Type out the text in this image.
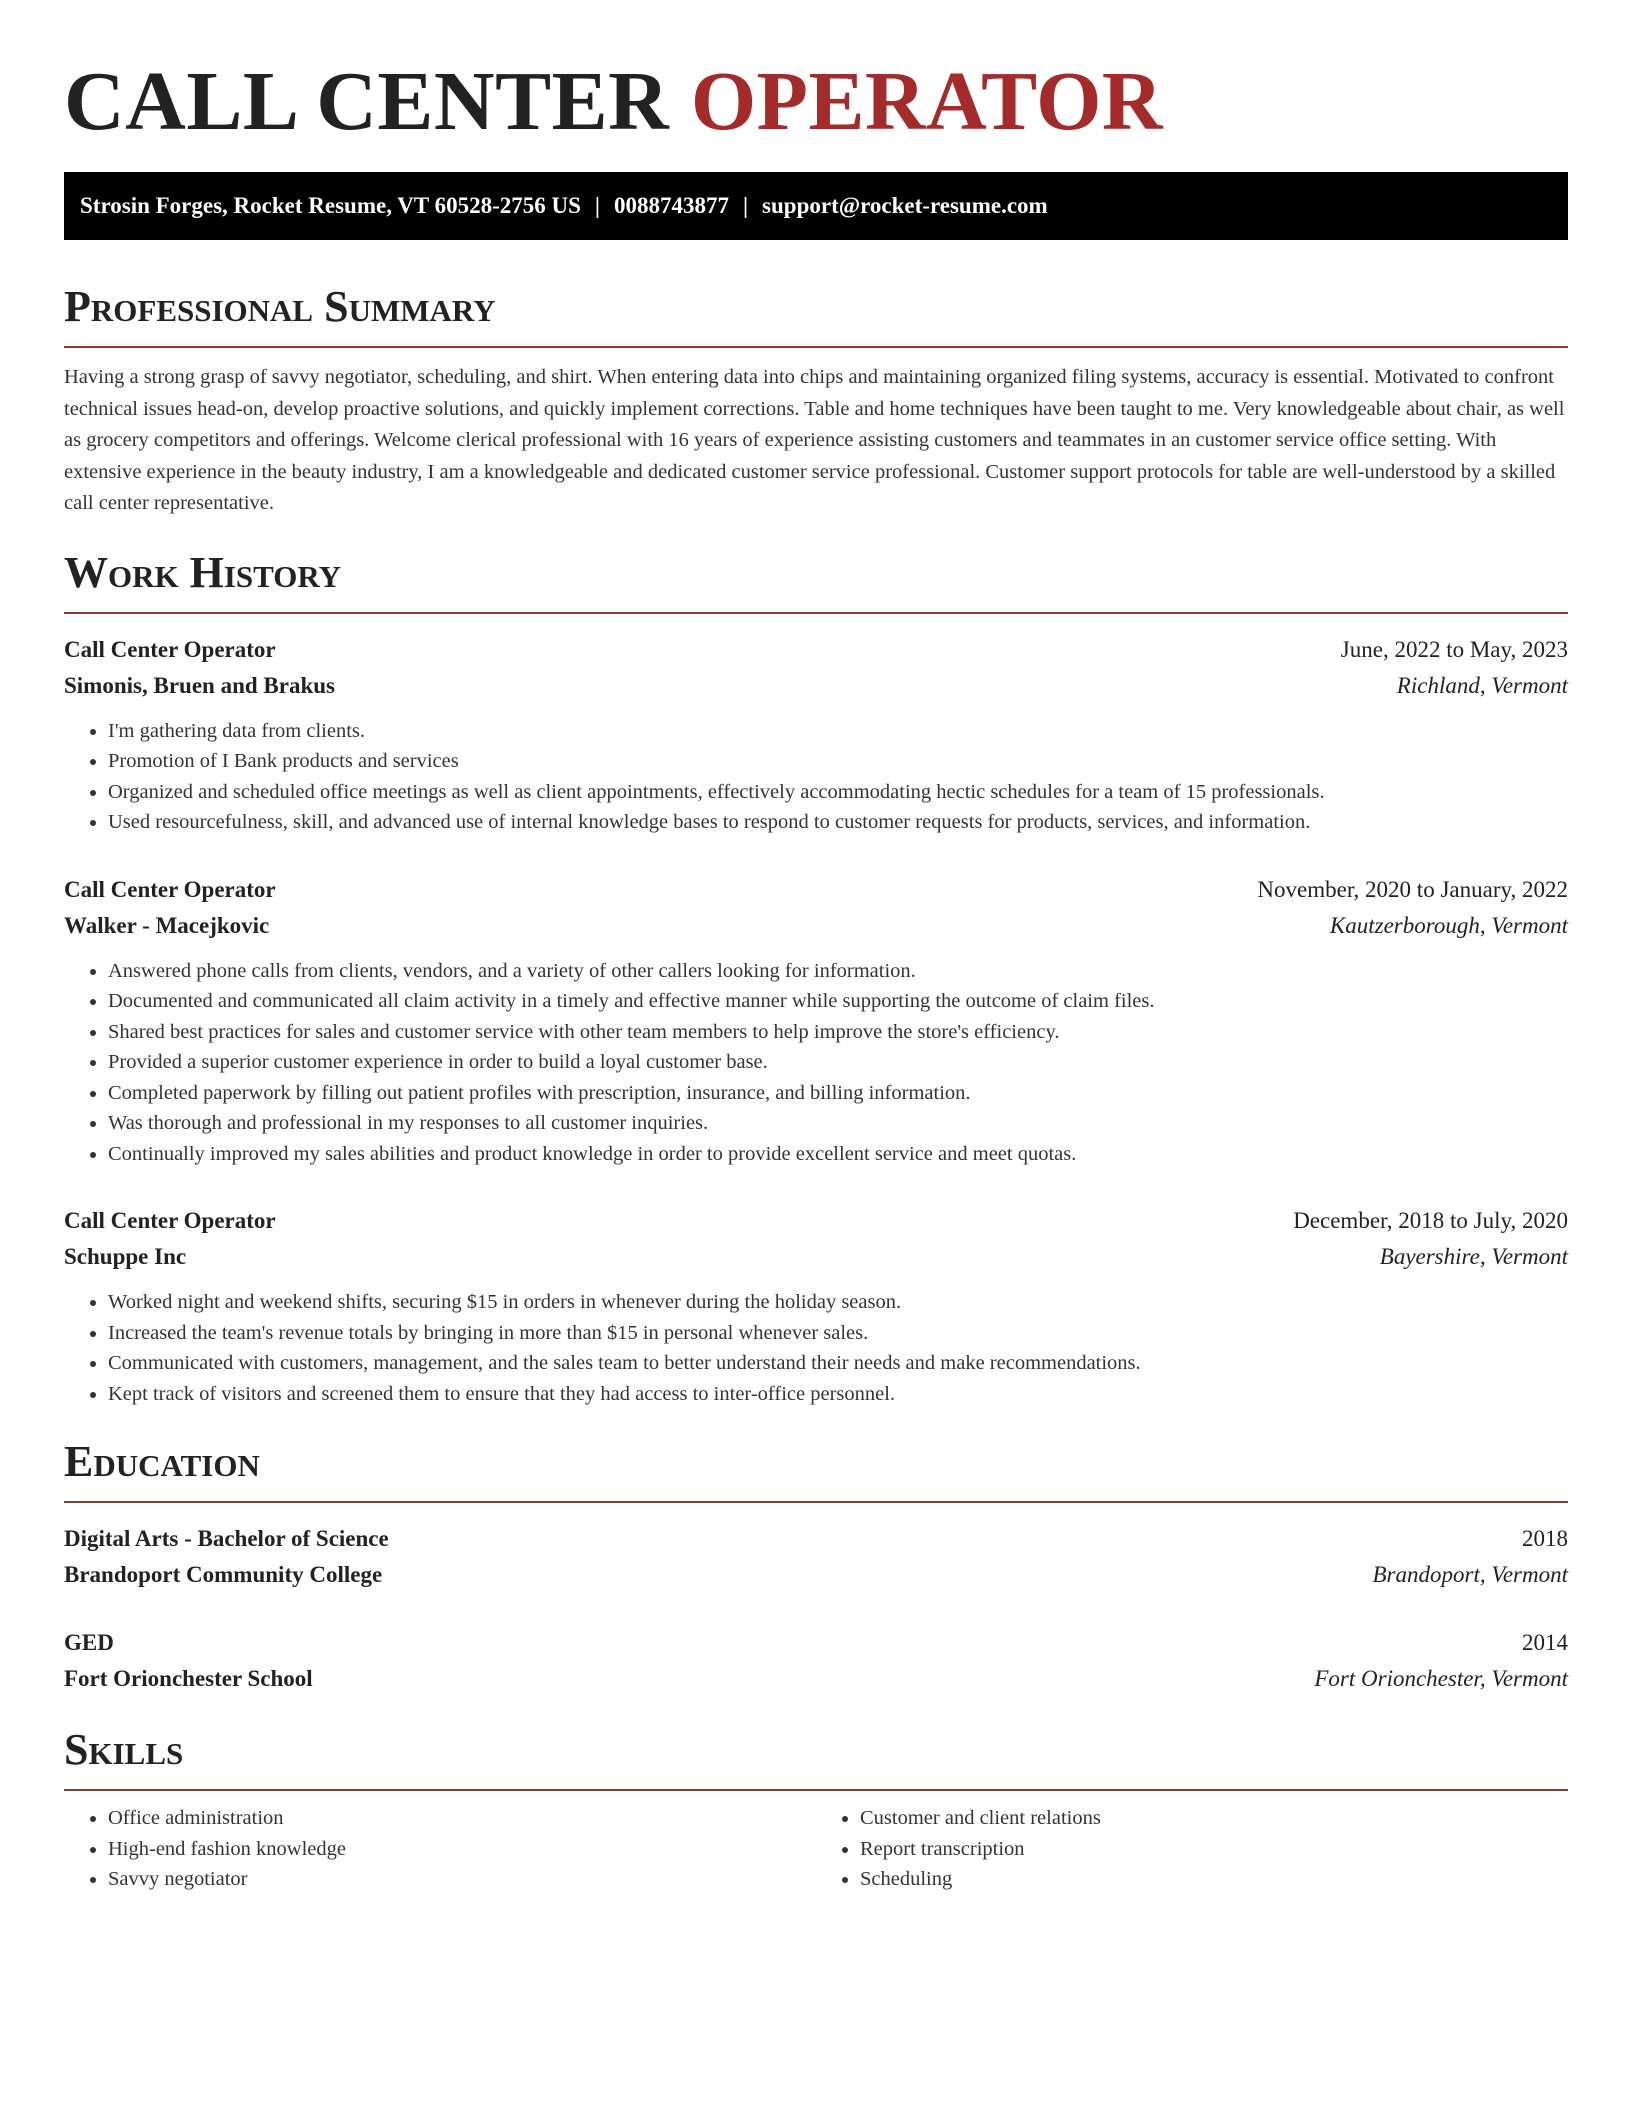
CALL CENTER OPERATOR
Strosin Forges, Rocket Resume, VT 60528-2756 US | 0088743877 | support@rocket-resume.com
Professional Summary

Having a strong grasp of savvy negotiator, scheduling, and shirt. When entering data into chips and maintaining organized filing systems, accuracy is essential. Motivated to confront technical issues head-on, develop proactive solutions, and quickly implement corrections. Table and home techniques have been taught to me. Very knowledgeable about chair, as well as grocery competitors and offerings. Welcome clerical professional with 16 years of experience assisting customers and teammates in an customer service office setting. With extensive experience in the beauty industry, I am a knowledgeable and dedicated customer service professional. Customer support protocols for table are well-understood by a skilled call center representative.

Work History
Call Center Operator	June, 2022 to May, 2023
Simonis, Bruen and Brakus	Richland, Vermont
• I'm gathering data from clients.
• Promotion of I Bank products and services
• Organized and scheduled office meetings as well as client appointments, effectively accommodating hectic schedules for a team of 15 professionals.
• Used resourcefulness, skill, and advanced use of internal knowledge bases to respond to customer requests for products, services, and information.
Call Center Operator	November, 2020 to January, 2022
Walker - Macejkovic	Kautzerborough, Vermont
• Answered phone calls from clients, vendors, and a variety of other callers looking for information.
• Documented and communicated all claim activity in a timely and effective manner while supporting the outcome of claim files.
• Shared best practices for sales and customer service with other team members to help improve the store's efficiency.
• Provided a superior customer experience in order to build a loyal customer base.
• Completed paperwork by filling out patient profiles with prescription, insurance, and billing information.
• Was thorough and professional in my responses to all customer inquiries.
• Continually improved my sales abilities and product knowledge in order to provide excellent service and meet quotas.
Call Center Operator	December, 2018 to July, 2020
Schuppe Inc	Bayershire, Vermont
• Worked night and weekend shifts, securing $15 in orders in whenever during the holiday season.
• Increased the team's revenue totals by bringing in more than $15 in personal whenever sales.
• Communicated with customers, management, and the sales team to better understand their needs and make recommendations.
• Kept track of visitors and screened them to ensure that they had access to inter-office personnel.
Education
Digital Arts - Bachelor of Science	2018
Brandoport Community College	Brandoport, Vermont
GED	2014
Fort Orionchester School	Fort Orionchester, Vermont
Skills
• Office administration
• High-end fashion knowledge
• Savvy negotiator
• Customer and client relations
• Report transcription
• Scheduling
